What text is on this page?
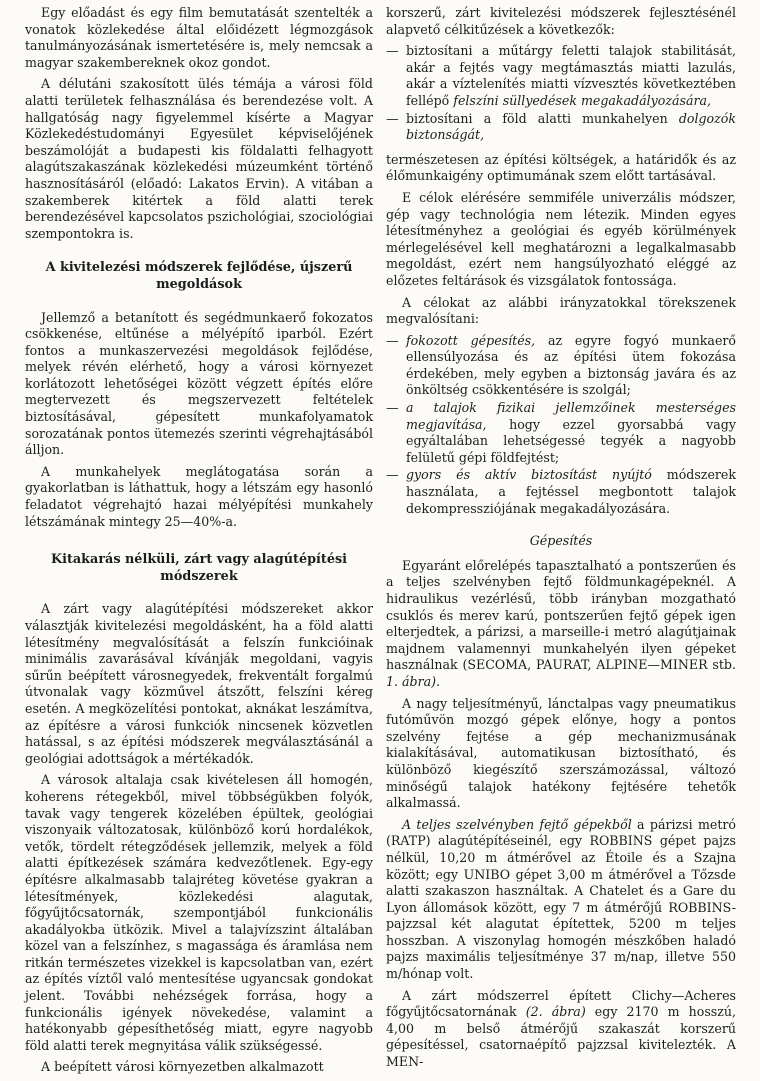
Egy előadást és egy film bemutatását szentelték a vonatok közlekedése által előidézett légmozgások tanulmányozásának ismertetésére is, mely nemcsak a magyar szakembereknek okoz gondot.

A délutáni szakosított ülés témája a városi föld alatti területek felhasználása és berendezése volt. A hallgatóság nagy figyelemmel kísérte a Magyar Közlekedéstudományi Egyesület képviselőjének beszámolóját a budapesti kis földalatti felhagyott alagútszakaszának közlekedési múzeumként történő hasznosításáról (előadó: Lakatos Ervin). A vitában a szakemberek kitértek a föld alatti terek berendezésével kapcsolatos pszichológiai, szociológiai szempontokra is.

A kivitelezési módszerek fejlődése, újszerű megoldások

Jellemző a betanított és segédmunkaerő fokozatos csökkenése, eltűnése a mélyépítő iparból. Ezért fontos a munkaszervezési megoldások fejlődése, melyek révén elérhető, hogy a városi környezet korlátozott lehetőségei között végzett építés előre megtervezett és megszervezett feltételek biztosításával, gépesített munkafolyamatok sorozatának pontos ütemezés szerinti végrehajtásából álljon.

A munkahelyek meglátogatása során a gyakorlatban is láthattuk, hogy a létszám egy hasonló feladatot végrehajtó hazai mélyépítési munkahely létszámának mintegy 25—40%-a.

Kitakarás nélküli, zárt vagy alagútépítési módszerek

A zárt vagy alagútépítési módszereket akkor választják kivitelezési megoldásként, ha a föld alatti létesítmény megvalósítását a felszín funkcióinak minimális zavarásával kívánják megoldani, vagyis sűrűn beépített városnegyedek, frekventált forgalmú útvonalak vagy közművel átszőtt, felszíni kéreg esetén. A megközelítési pontokat, aknákat leszámítva, az építésre a városi funkciók nincsenek közvetlen hatással, s az építési módszerek megválasztásánál a geológiai adottságok a mértékadók.

A városok altalaja csak kivételesen áll homogén, koherens rétegekből, mivel többségükben folyók, tavak vagy tengerek közelében épültek, geológiai viszonyaik változatosak, különböző korú hordalékok, vetők, tördelt rétegződések jellemzik, melyek a föld alatti építkezések számára kedvezőtlenek. Egy-egy építésre alkalmasabb talajréteg követése gyakran a létesítmények, közlekedési alagutak, főgyűjtőcsatornák, szempontjából funkcionális akadályokba ütközik. Mivel a talajvízszint általában közel van a felszínhez, s magassága és áramlása nem ritkán természetes vizekkel is kapcsolatban van, ezért az építés víztől való mentesítése ugyancsak gondokat jelent. További nehézségek forrása, hogy a funkcionális igények növekedése, valamint a hatékonyabb gépesíthetőség miatt, egyre nagyobb föld alatti terek megnyitása válik szükségessé.

A beépített városi környezetben alkalmazott

korszerű, zárt kivitelezési módszerek fejlesztésénél alapvető célkitűzések a következők:

— biztosítani a műtárgy feletti talajok stabilitását, akár a fejtés vagy megtámasztás miatti lazulás, akár a víztelenítés miatti vízvesztés következtében fellépő felszíni süllyedések megakadályozására,
— biztosítani a föld alatti munkahelyen dolgozók biztonságát,

természetesen az építési költségek, a határidők és az élőmunkaigény optimumának szem előtt tartásával.

E célok elérésére semmiféle univerzális módszer, gép vagy technológia nem létezik. Minden egyes létesítményhez a geológiai és egyéb körülmények mérlegelésével kell meghatározni a legalkalmasabb megoldást, ezért nem hangsúlyozható eléggé az előzetes feltárások és vizsgálatok fontossága.

A célokat az alábbi irányzatokkal törekszenek megvalósítani:

— fokozott gépesítés, az egyre fogyó munkaerő ellensúlyozása és az építési ütem fokozása érdekében, mely egyben a biztonság javára és az önköltség csökkentésére is szolgál;
— a talajok fizikai jellemzőinek mesterséges megjavítása, hogy ezzel gyorsabbá vagy egyáltalában lehetségessé tegyék a nagyobb felületű gépi földfejtést;
— gyors és aktív biztosítást nyújtó módszerek használata, a fejtéssel megbontott talajok dekompressziójának megakadályozására.
Gépesítés

Egyaránt előrelépés tapasztalható a pontszerűen és a teljes szelvényben fejtő földmunkagépeknél. A hidraulikus vezérlésű, több irányban mozgatható csuklós és merev karú, pontszerűen fejtő gépek igen elterjedtek, a párizsi, a marseille-i metró alagútjainak majdnem valamennyi munkahelyén ilyen gépeket használnak (SECOMA, PAURAT, ALPINE—MINER stb. 1. ábra).

A nagy teljesítményű, lánctalpas vagy pneumatikus futóművön mozgó gépek előnye, hogy a pontos szelvény fejtése a gép mechanizmusának kialakításával, automatikusan biztosítható, és különböző kiegészítő szerszámozással, változó minőségű talajok hatékony fejtésére tehetők alkalmassá.

A teljes szelvényben fejtő gépekből a párizsi metró (RATP) alagútépítéseinél, egy ROBBINS gépet pajzs nélkül, 10,20 m átmérővel az Étoile és a Szajna között; egy UNIBO gépet 3,00 m átmérővel a Tőzsde alatti szakaszon használtak. A Chatelet és a Gare du Lyon állomások között, egy 7 m átmérőjű ROBBINS-pajzzsal két alagutat építettek, 5200 m teljes hosszban. A viszonylag homogén mészkőben haladó pajzs maximális teljesítménye 37 m/nap, illetve 550 m/hónap volt.

A zárt módszerrel épített Clichy—Acheres főgyűjtőcsatornának (2. ábra) egy 2170 m hosszú, 4,00 m belső átmérőjű szakaszát korszerű gépesítéssel, csatornaépítő pajzzsal kivitelezték. A MEN-
